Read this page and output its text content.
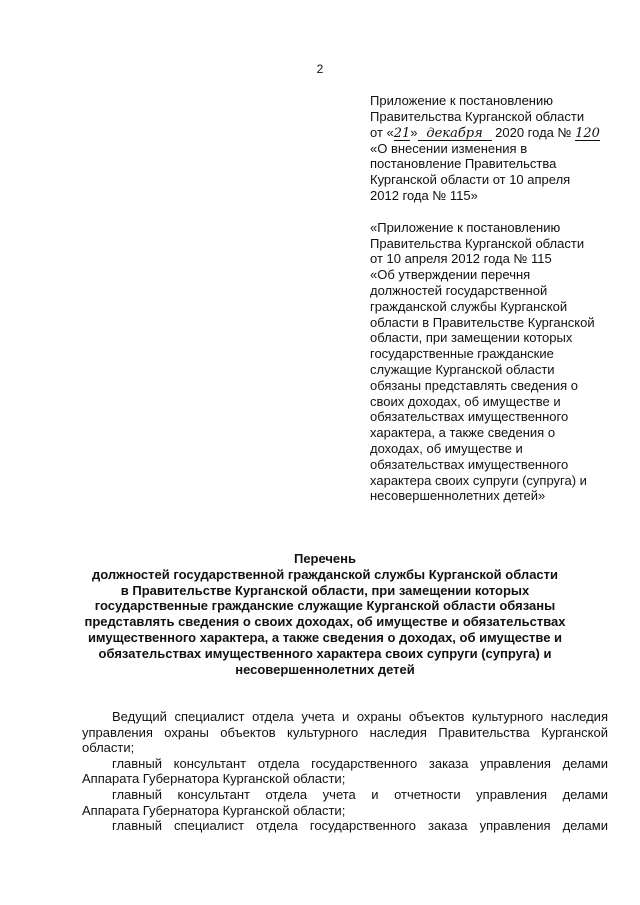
2
Приложение к постановлению
Правительства Курганской области
от «21» декабря 2020 года № 120
«О внесении изменения в
постановление Правительства
Курганской области от 10 апреля
2012 года № 115»
«Приложение к постановлению
Правительства Курганской области
от 10 апреля 2012 года № 115
«Об утверждении перечня
должностей государственной
гражданской службы Курганской
области в Правительстве Курганской
области, при замещении которых
государственные гражданские
служащие Курганской области
обязаны представлять сведения о
своих доходах, об имуществе и
обязательствах имущественного
характера, а также сведения о
доходах, об имуществе и
обязательствах имущественного
характера своих супруги (супруга) и
несовершеннолетних детей»
Перечень
должностей государственной гражданской службы Курганской области
в Правительстве Курганской области, при замещении которых
государственные гражданские служащие Курганской области обязаны
представлять сведения о своих доходах, об имуществе и обязательствах
имущественного характера, а также сведения о доходах, об имуществе и
обязательствах имущественного характера своих супруги (супруга) и
несовершеннолетних детей
Ведущий специалист отдела учета и охраны объектов культурного наследия
управления охраны объектов культурного наследия Правительства Курганской
области;
главный консультант отдела государственного заказа управления делами
Аппарата Губернатора Курганской области;
главный консультант отдела учета и отчетности управления делами
Аппарата Губернатора Курганской области;
главный специалист отдела государственного заказа управления делами
